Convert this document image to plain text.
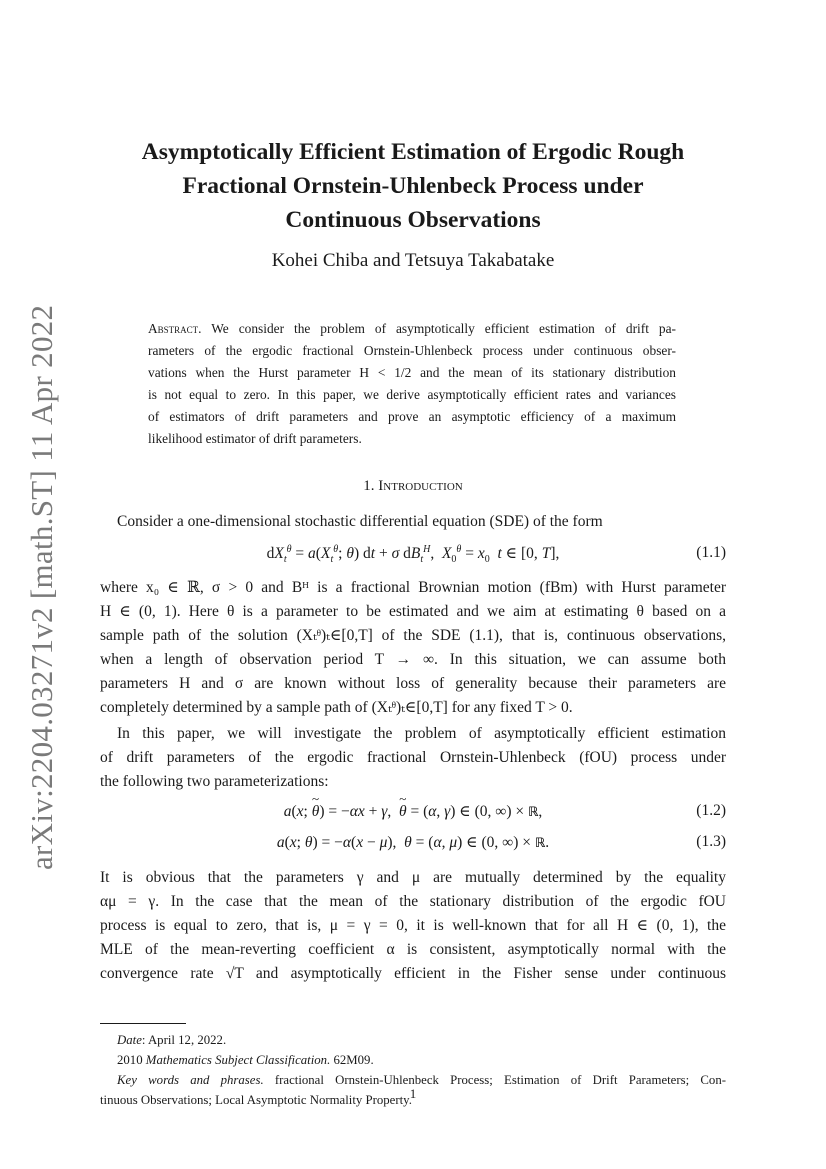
arXiv:2204.03271v2 [math.ST] 11 Apr 2022
Asymptotically Efficient Estimation of Ergodic Rough
Fractional Ornstein-Uhlenbeck Process under
Continuous Observations
Kohei Chiba and Tetsuya Takabatake
Abstract. We consider the problem of asymptotically efficient estimation of drift pa-
rameters of the ergodic fractional Ornstein-Uhlenbeck process under continuous obser-
vations when the Hurst parameter H < 1/2 and the mean of its stationary distribution
is not equal to zero. In this paper, we derive asymptotically efficient rates and variances
of estimators of drift parameters and prove an asymptotic efficiency of a maximum
likelihood estimator of drift parameters.
1. Introduction
Consider a one-dimensional stochastic differential equation (SDE) of the form
$dX_t^\theta = a(X_t^\theta$; θ) dt + σ $dB_t^H$,  $X_0^\theta = x_0$ t ∈ [0, T],	(1.1)
where x₀ ∈ ℝ, σ > 0 and Bᴴ is a fractional Brownian motion (fBm) with Hurst parameter
H ∈ (0, 1). Here θ is a parameter to be estimated and we aim at estimating θ based on a
sample path of the solution (Xₜᶿ)ₜ∈[0,T] of the SDE (1.1), that is, continuous observations,
when a length of observation period T → ∞. In this situation, we can assume both
parameters H and σ are known without loss of generality because their parameters are
completely determined by a sample path of (Xₜᶿ)ₜ∈[0,T] for any fixed T > 0.
In this paper, we will investigate the problem of asymptotically efficient estimation
of drift parameters of the ergodic fractional Ornstein-Uhlenbeck (fOU) process under
the following two parameterizations:
a(x; ~ θ) = −αx + γ,  ~ θ = (α, γ) ∈ (0, ∞) × ℝ,	(1.2)
a(x; θ) = −α(x − μ),  θ = (α, μ) ∈ (0, ∞) × ℝ.	(1.3)
It is obvious that the parameters γ and μ are mutually determined by the equality
αμ = γ. In the case that the mean of the stationary distribution of the ergodic fOU
process is equal to zero, that is, μ = γ = 0, it is well-known that for all H ∈ (0, 1), the
MLE of the mean-reverting coefficient α is consistent, asymptotically normal with the
convergence rate √T and asymptotically efficient in the Fisher sense under continuous
Date: April 12, 2022.
2010 Mathematics Subject Classification. 62M09.
Key words and phrases. fractional Ornstein-Uhlenbeck Process; Estimation of Drift Parameters; Con-
tinuous Observations; Local Asymptotic Normality Property.
1
